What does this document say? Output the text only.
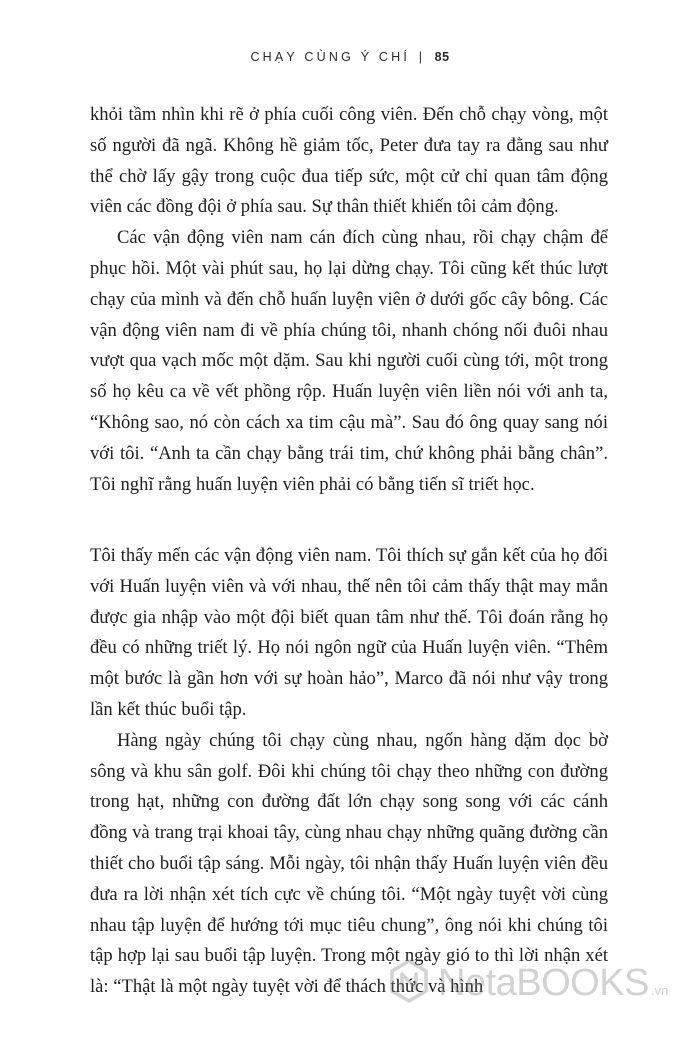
CHẠY CÙNG Ý CHÍ | 85

khỏi tầm nhìn khi rẽ ở phía cuối công viên. Đến chỗ chạy vòng, một số người đã ngã. Không hề giảm tốc, Peter đưa tay ra đằng sau như thể chờ lấy gậy trong cuộc đua tiếp sức, một cử chỉ quan tâm động viên các đồng đội ở phía sau. Sự thân thiết khiến tôi cảm động.

Các vận động viên nam cán đích cùng nhau, rồi chạy chậm để phục hồi. Một vài phút sau, họ lại dừng chạy. Tôi cũng kết thúc lượt chạy của mình và đến chỗ huấn luyện viên ở dưới gốc cây bông. Các vận động viên nam đi về phía chúng tôi, nhanh chóng nối đuôi nhau vượt qua vạch mốc một dặm. Sau khi người cuối cùng tới, một trong số họ kêu ca về vết phồng rộp. Huấn luyện viên liền nói với anh ta, “Không sao, nó còn cách xa tim cậu mà”. Sau đó ông quay sang nói với tôi. “Anh ta cần chạy bằng trái tim, chứ không phải bằng chân”. Tôi nghĩ rằng huấn luyện viên phải có bằng tiến sĩ triết học.

Tôi thấy mến các vận động viên nam. Tôi thích sự gắn kết của họ đối với Huấn luyện viên và với nhau, thế nên tôi cảm thấy thật may mắn được gia nhập vào một đội biết quan tâm như thế. Tôi đoán rằng họ đều có những triết lý. Họ nói ngôn ngữ của Huấn luyện viên. “Thêm một bước là gần hơn với sự hoàn hảo”, Marco đã nói như vậy trong lần kết thúc buổi tập.

Hàng ngày chúng tôi chạy cùng nhau, ngốn hàng dặm dọc bờ sông và khu sân golf. Đôi khi chúng tôi chạy theo những con đường trong hạt, những con đường đất lớn chạy song song với các cánh đồng và trang trại khoai tây, cùng nhau chạy những quãng đường cần thiết cho buổi tập sáng. Mỗi ngày, tôi nhận thấy Huấn luyện viên đều đưa ra lời nhận xét tích cực về chúng tôi. “Một ngày tuyệt vời cùng nhau tập luyện để hướng tới mục tiêu chung”, ông nói khi chúng tôi tập hợp lại sau buổi tập luyện. Trong một ngày gió to thì lời nhận xét là: “Thật là một ngày tuyệt vời để thách thức và hình

NetaBOOKS .vn
